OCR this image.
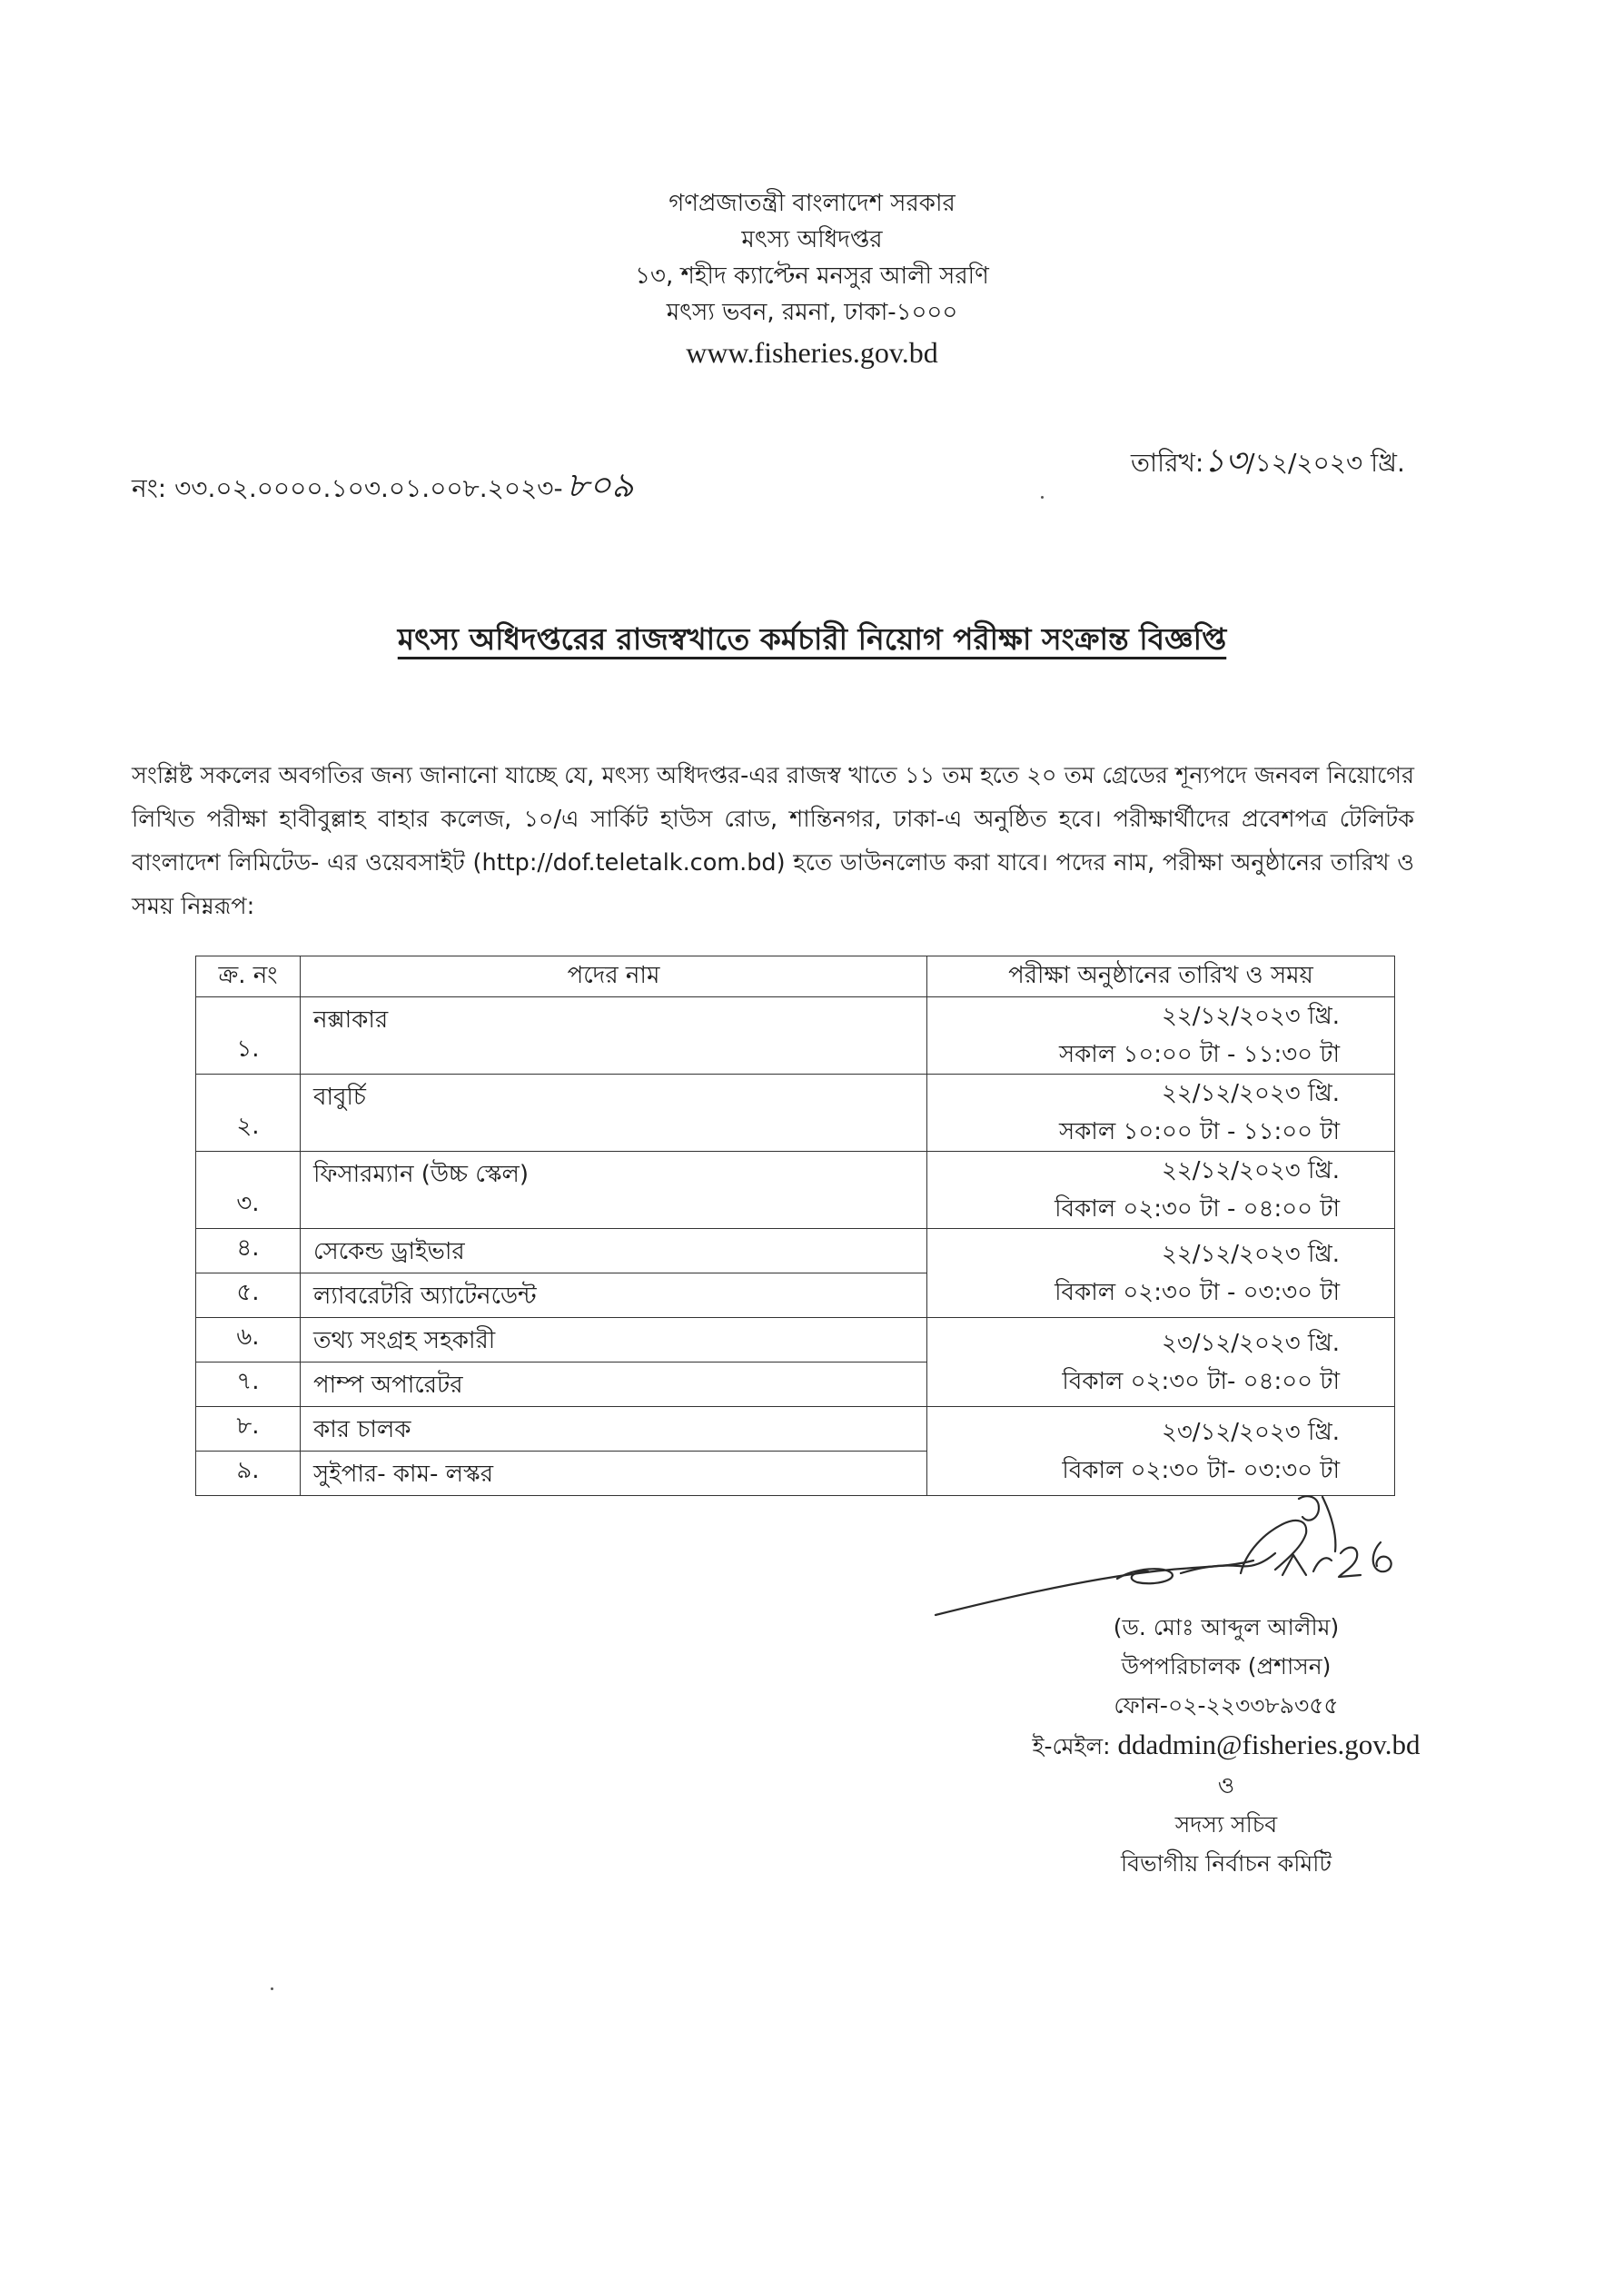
গণপ্রজাতন্ত্রী বাংলাদেশ সরকার
মৎস্য অধিদপ্তর
১৩, শহীদ ক্যাপ্টেন মনসুর আলী সরণি
মৎস্য ভবন, রমনা, ঢাকা-১০০০
www.fisheries.gov.bd
নং: ৩৩.০২.০০০০.১০৩.০১.০০৮.২০২৩- ৮০৯
তারিখ:১৩/১২/২০২৩ খ্রি.
মৎস্য অধিদপ্তরের রাজস্বখাতে কর্মচারী নিয়োগ পরীক্ষা সংক্রান্ত বিজ্ঞপ্তি
সংশ্লিষ্ট সকলের অবগতির জন্য জানানো যাচ্ছে যে, মৎস্য অধিদপ্তর-এর রাজস্ব খাতে ১১ তম হতে ২০ তম গ্রেডের শূন্যপদে জনবল নিয়োগের লিখিত পরীক্ষা হাবীবুল্লাহ বাহার কলেজ, ১০/এ সার্কিট হাউস রোড, শান্তিনগর, ঢাকা-এ অনুষ্ঠিত হবে। পরীক্ষার্থীদের প্রবেশপত্র টেলিটক বাংলাদেশ লিমিটেড- এর ওয়েবসাইট (http://dof.teletalk.com.bd) হতে ডাউনলোড করা যাবে। পদের নাম, পরীক্ষা অনুষ্ঠানের তারিখ ও সময় নিম্নরূপ:
ক্র. নং	পদের নাম	পরীক্ষা অনুষ্ঠানের তারিখ ও সময়
১.	নক্সাকার	২২/১২/২০২৩ খ্রি.
সকাল ১০:০০ টা - ১১:৩০ টা

২.	বাবুর্চি	২২/১২/২০২৩ খ্রি.
সকাল ১০:০০ টা - ১১:০০ টা

৩.	ফিসারম্যান (উচ্চ স্কেল)	২২/১২/২০২৩ খ্রি.
বিকাল ০২:৩০ টা - ০৪:০০ টা

৪.	সেকেন্ড ড্রাইভার	২২/১২/২০২৩ খ্রি.
বিকাল ০২:৩০ টা - ০৩:৩০ টা

৫.	ল্যাবরেটরি অ্যাটেনডেন্ট	
৬.	তথ্য সংগ্রহ সহকারী	২৩/১২/২০২৩ খ্রি.
বিকাল ০২:৩০ টা- ০৪:০০ টা

৭.	পাম্প অপারেটর	
৮.	কার চালক	২৩/১২/২০২৩ খ্রি.
বিকাল ০২:৩০ টা- ০৩:৩০ টা

৯.	সুইপার- কাম- লস্কর	
(ড. মোঃ আব্দুল আলীম)
উপপরিচালক (প্রশাসন)
ফোন-০২-২২৩৩৮৯৩৫৫
ই-মেইল: ddadmin@fisheries.gov.bd
ও
সদস্য সচিব
বিভাগীয় নির্বাচন কমিটি
